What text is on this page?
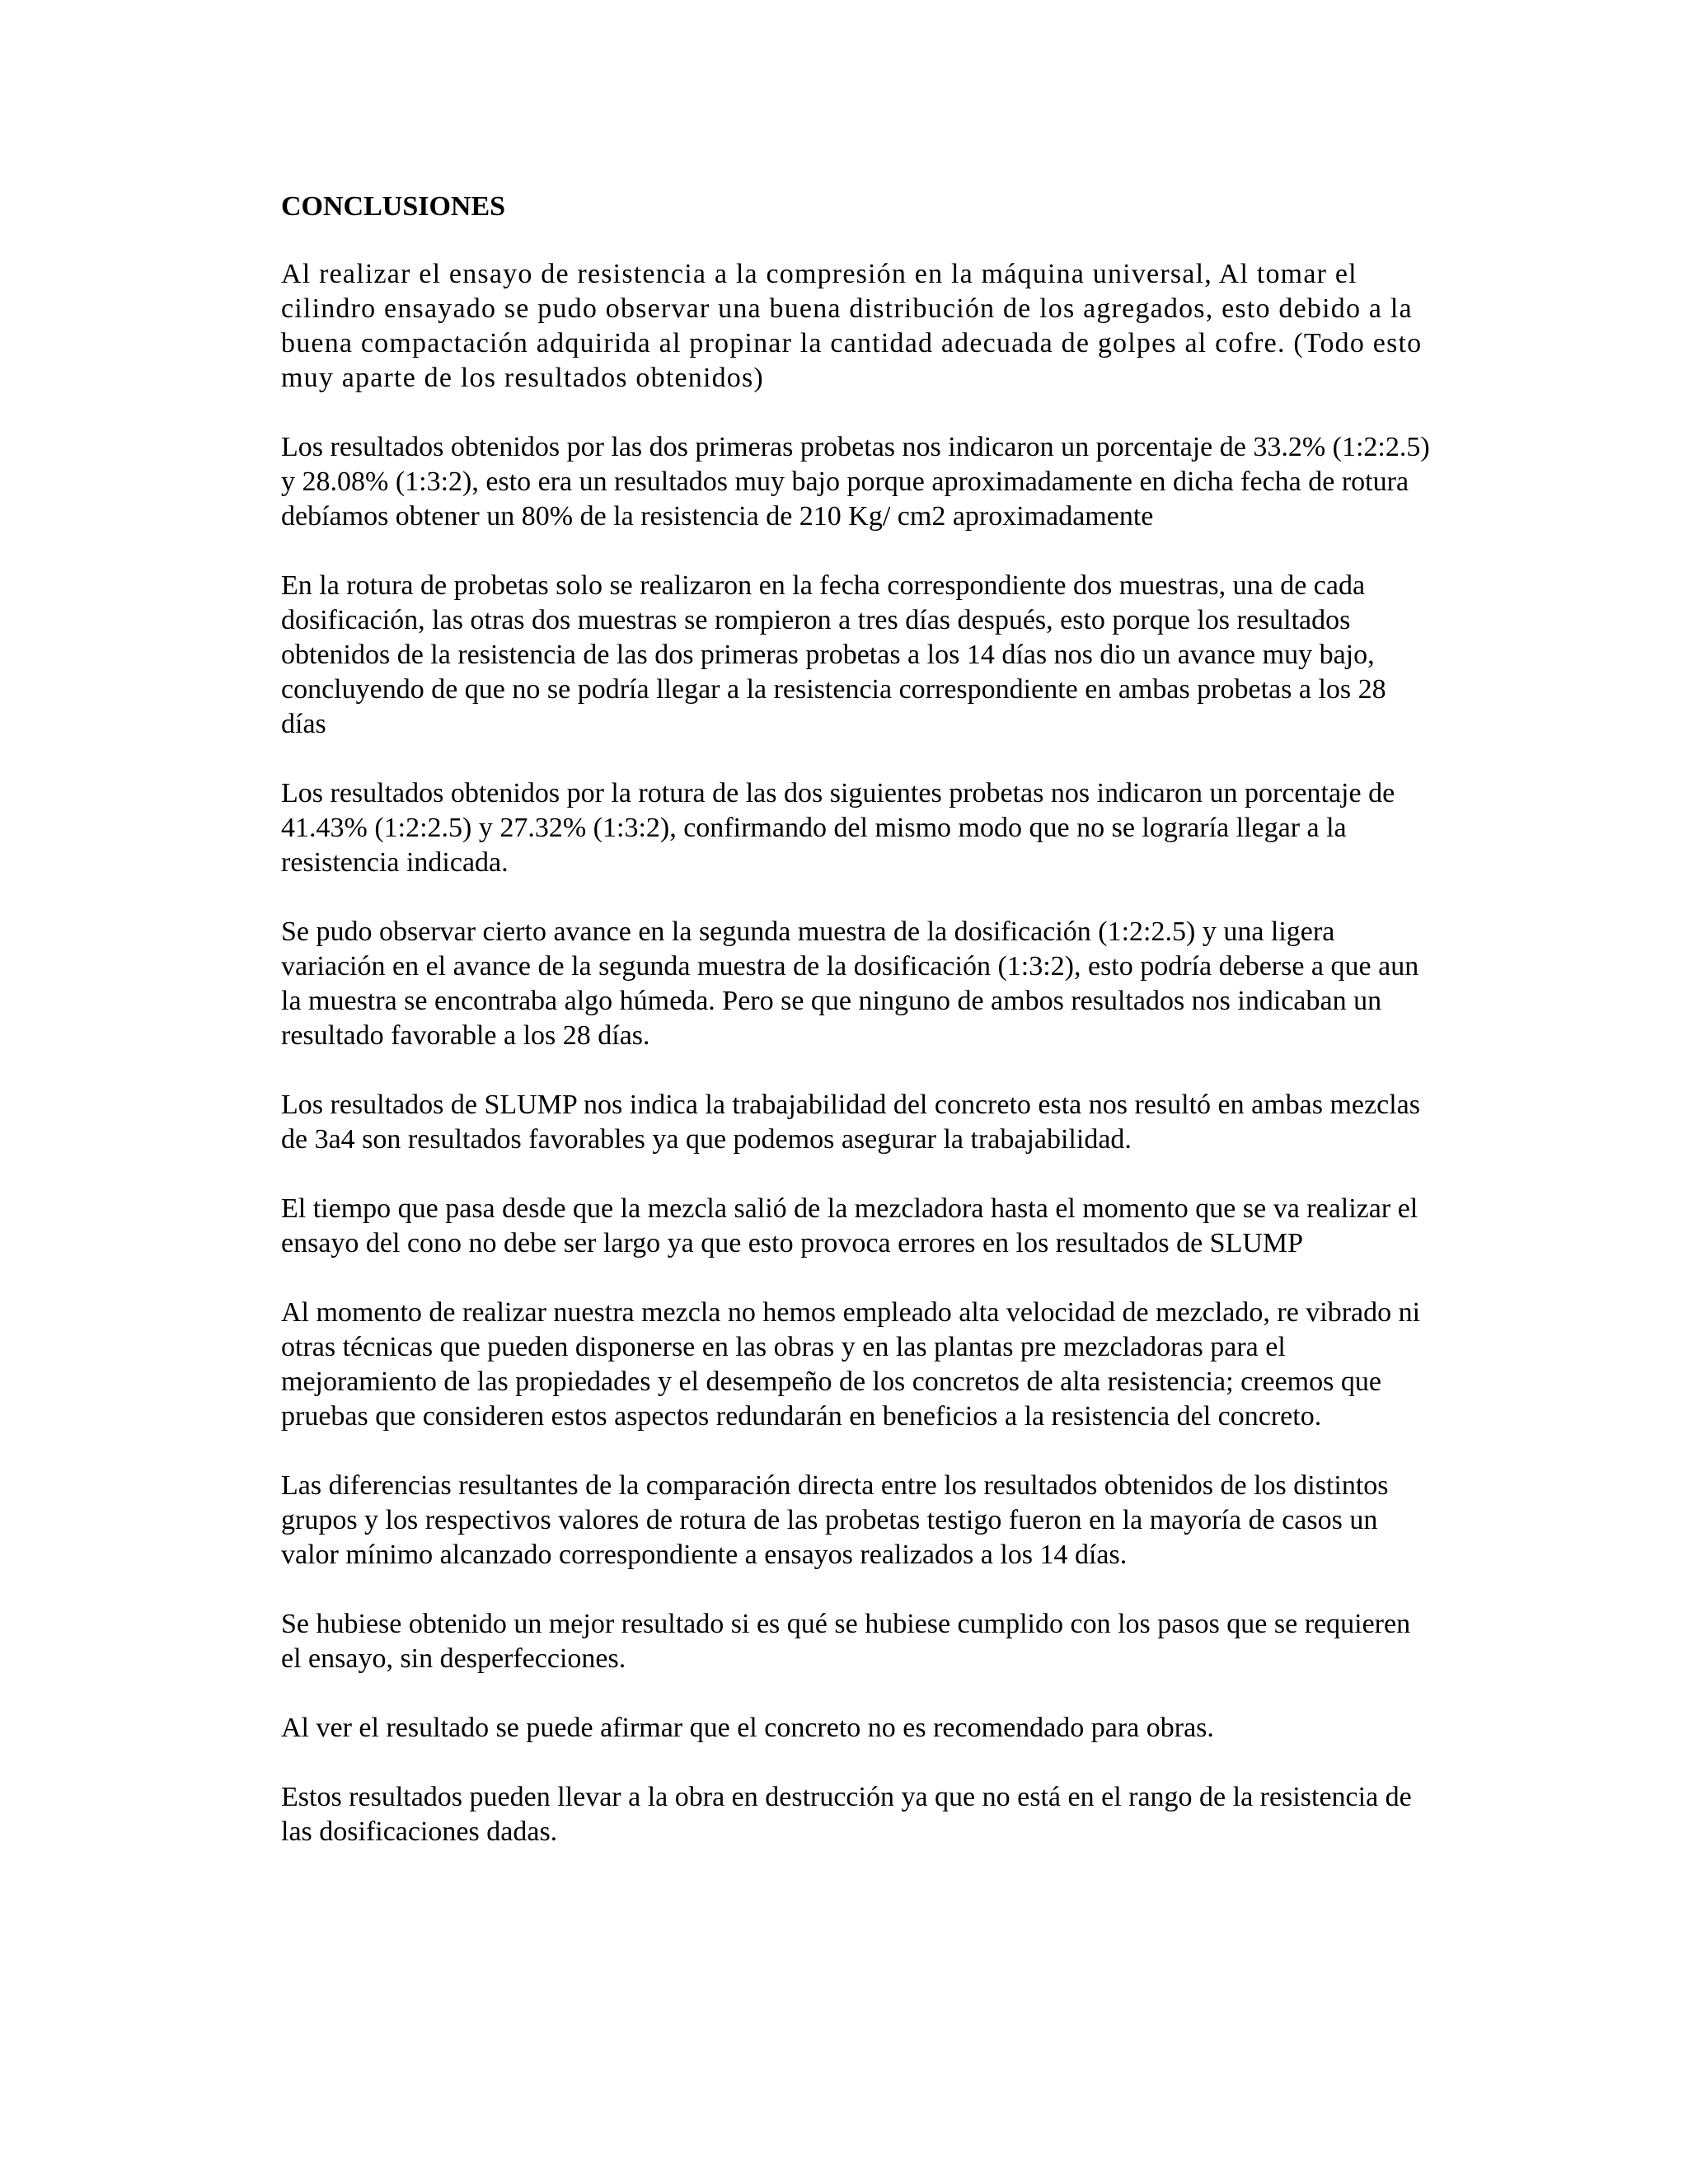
CONCLUSIONES

Al realizar el ensayo de resistencia a la compresión en la máquina universal, Al tomar el cilindro ensayado se pudo observar una buena distribución de los agregados, esto debido a la buena compactación adquirida al propinar la cantidad adecuada de golpes al cofre. (Todo esto muy aparte de los resultados obtenidos)

Los resultados obtenidos por las dos primeras probetas nos indicaron un porcentaje de 33.2% (1:2:2.5) y 28.08% (1:3:2), esto era un resultados muy bajo porque aproximadamente en dicha fecha de rotura debíamos obtener un 80% de la resistencia de 210 Kg/ cm2 aproximadamente

En la rotura de probetas solo se realizaron en la fecha correspondiente dos muestras, una de cada dosificación, las otras dos muestras se rompieron a tres días después, esto porque los resultados obtenidos de la resistencia de las dos primeras probetas a los 14 días nos dio un avance muy bajo, concluyendo de que no se podría llegar a la resistencia correspondiente en ambas probetas a los 28 días

Los resultados obtenidos por la rotura de las dos siguientes probetas nos indicaron un porcentaje de 41.43% (1:2:2.5) y 27.32% (1:3:2), confirmando del mismo modo que no se lograría llegar a la resistencia indicada.

Se pudo observar cierto avance en la segunda muestra de la dosificación (1:2:2.5) y una ligera variación en el avance de la segunda muestra de la dosificación (1:3:2), esto podría deberse a que aun la muestra se encontraba algo húmeda. Pero se que ninguno de ambos resultados nos indicaban un resultado favorable a los 28 días.

Los resultados de SLUMP nos indica la trabajabilidad del concreto esta nos resultó en ambas mezclas de 3a4 son resultados favorables ya que podemos asegurar la trabajabilidad.

El tiempo que pasa desde que la mezcla salió de la mezcladora hasta el momento que se va realizar el ensayo del cono no debe ser largo ya que esto provoca errores en los resultados de SLUMP

Al momento de realizar nuestra mezcla no hemos empleado alta velocidad de mezclado, re vibrado ni otras técnicas que pueden disponerse en las obras y en las plantas pre mezcladoras para el mejoramiento de las propiedades y el desempeño de los concretos de alta resistencia; creemos que pruebas que consideren estos aspectos redundarán en beneficios a la resistencia del concreto.

Las diferencias resultantes de la comparación directa entre los resultados obtenidos de los distintos grupos y los respectivos valores de rotura de las probetas testigo fueron en la mayoría de casos un valor mínimo alcanzado correspondiente a ensayos realizados a los 14 días.

Se hubiese obtenido un mejor resultado si es qué se hubiese cumplido con los pasos que se requieren el ensayo, sin desperfecciones.

Al ver el resultado se puede afirmar que el concreto no es recomendado para obras.

Estos resultados pueden llevar a la obra en destrucción ya que no está en el rango de la resistencia de las dosificaciones dadas.
